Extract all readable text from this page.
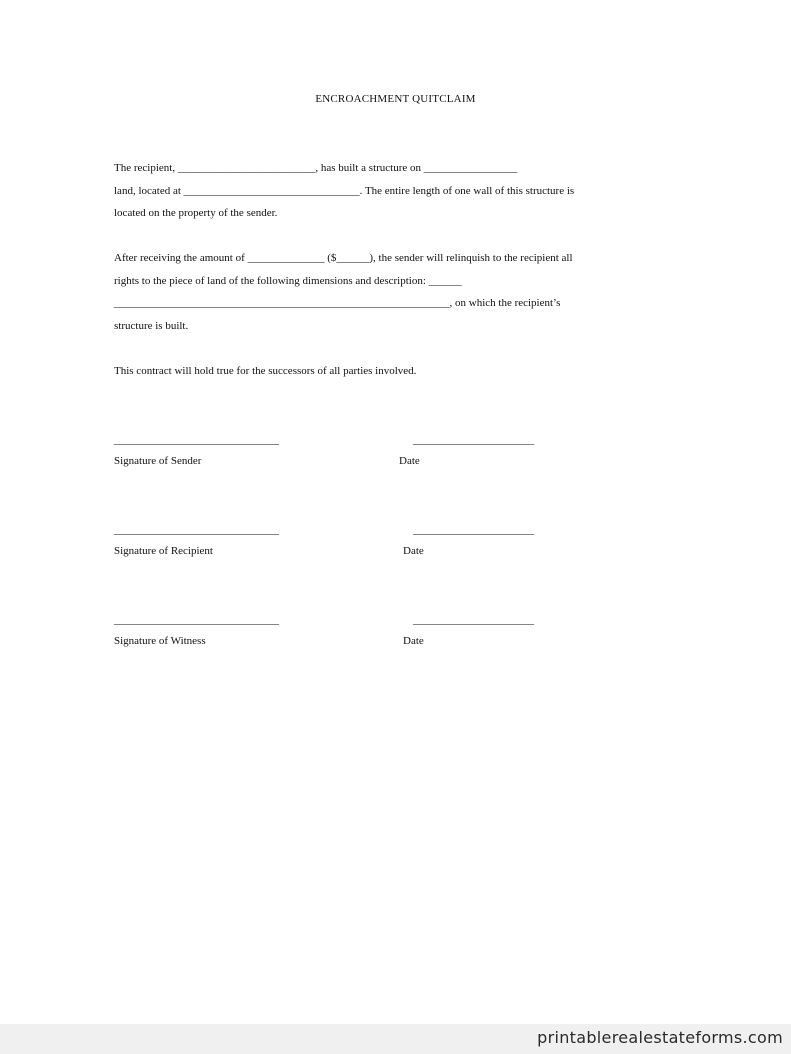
ENCROACHMENT QUITCLAIM
The recipient, _________________________, has built a structure on _________________
land, located at ________________________________. The entire length of one wall of this structure is
located on the property of the sender.
After receiving the amount of ______________ ($______), the sender will relinquish to the recipient all
rights to the piece of land of the following dimensions and description: ______
_____________________________________________________________, on which the recipient’s
structure is built.
This contract will hold true for the successors of all parties involved.
______________________________
Signature of Sender
______________________
Date
______________________________
Signature of Recipient
______________________
Date
______________________________
Signature of Witness
______________________
Date
printablerealestateforms.com
